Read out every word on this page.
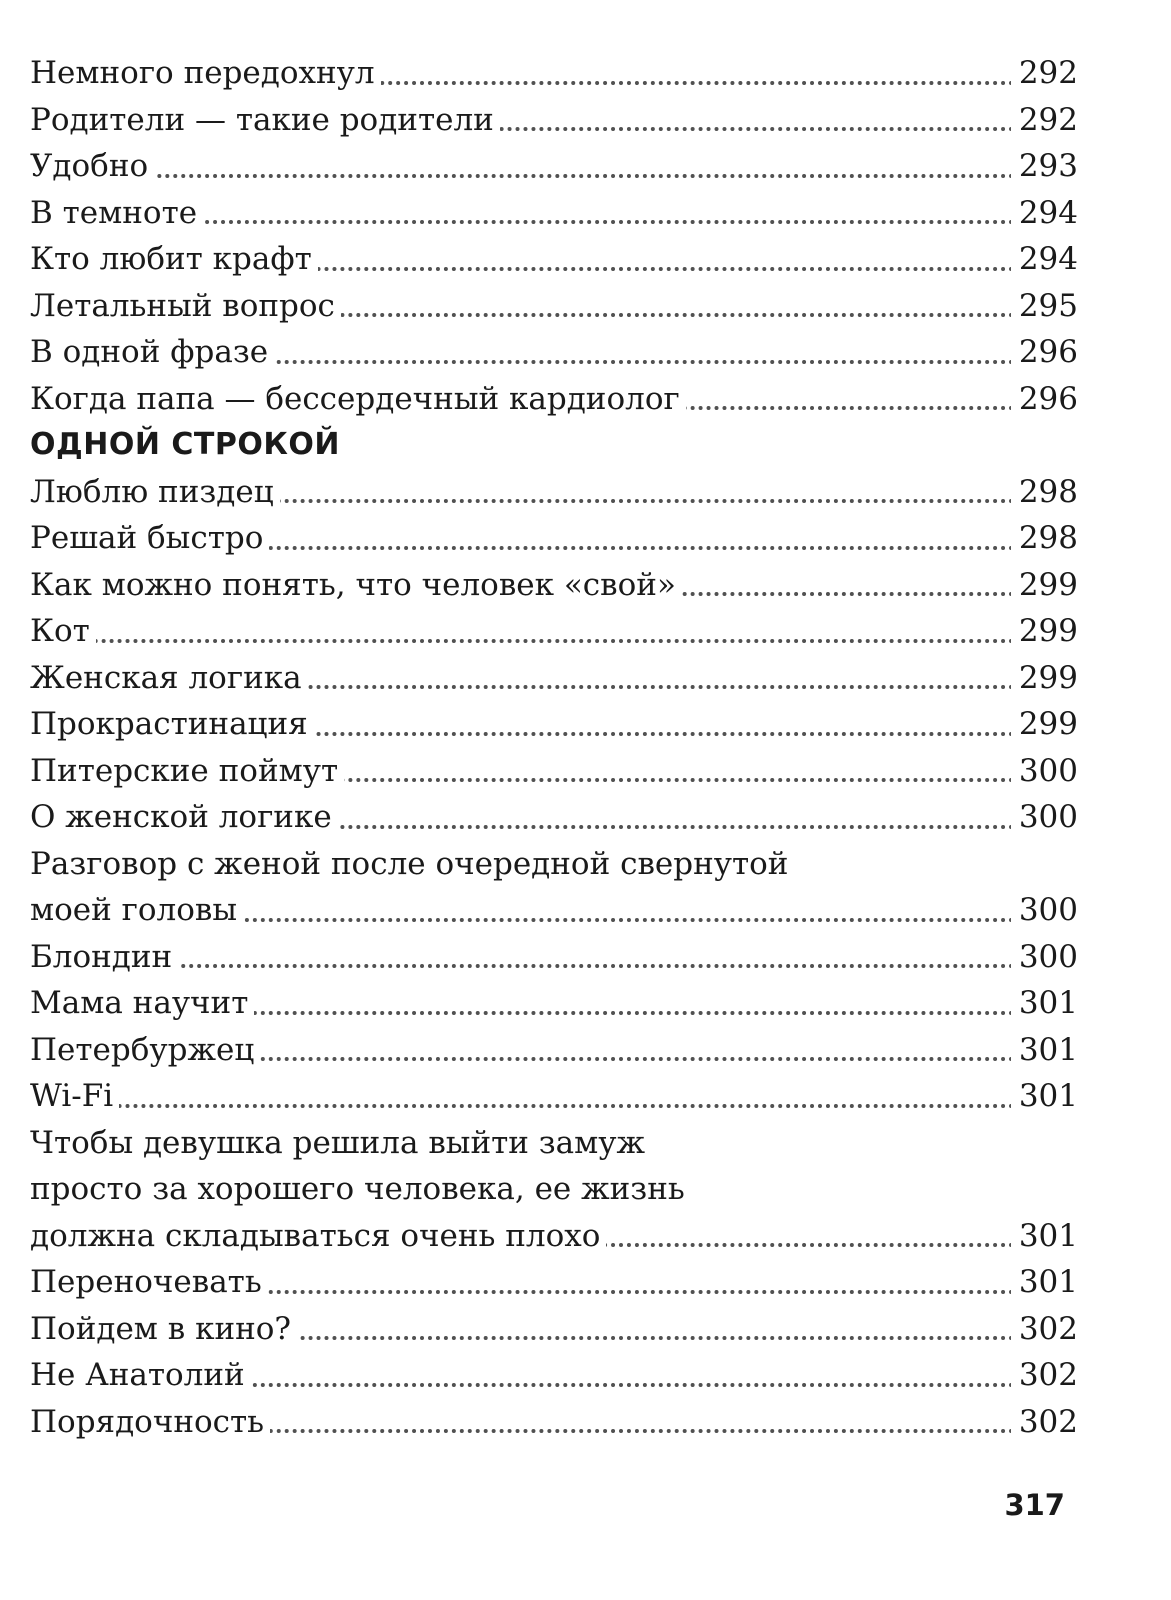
Немного передохнул	292
Родители — такие родители	292
Удобно	293
В темноте	294
Кто любит крафт	294
Летальный вопрос	295
В одной фразе	296
Когда папа — бессердечный кардиолог	296
ОДНОЙ СТРОКОЙ
Люблю пиздец	298
Решай быстро	298
Как можно понять, что человек «свой»	299
Кот	299
Женская логика	299
Прокрастинация	299
Питерские поймут	300
О женской логике	300
Разговор с женой после очередной свернутой
моей головы	300
Блондин	300
Мама научит	301
Петербуржец	301
Wi-Fi	301
Чтобы девушка решила выйти замуж
просто за хорошего человека, ее жизнь
должна складываться очень плохо	301
Переночевать	301
Пойдем в кино?	302
Не Анатолий	302
Порядочность	302
317
